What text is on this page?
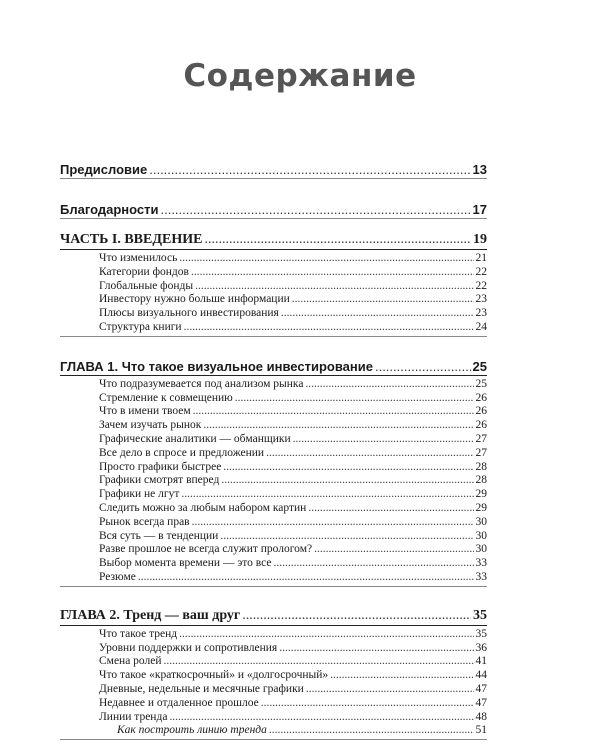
Содержание
Предисловие .....	13
Благодарности .....	17
ЧАСТЬ I. ВВЕДЕНИЕ .....	19
Что изменилось .....	21
Категории фондов .....	22
Глобальные фонды .....	22
Инвестору нужно больше информации .....	23
Плюсы визуального инвестирования .....	23
Структура книги .....	24
ГЛАВА 1. Что такое визуальное инвестирование .....	25
Что подразумевается под анализом рынка .....	25
Стремление к совмещению .....	26
Что в имени твоем .....	26
Зачем изучать рынок .....	26
Графические аналитики — обманщики .....	27
Все дело в спросе и предложении .....	27
Просто графики быстрее .....	28
Графики смотрят вперед .....	28
Графики не лгут .....	29
Следить можно за любым набором картин .....	29
Рынок всегда прав .....	30
Вся суть — в тенденции .....	30
Разве прошлое не всегда служит прологом? .....	30
Выбор момента времени — это все .....	33
Резюме .....	33
ГЛАВА 2. Тренд — ваш друг .....	35
Что такое тренд .....	35
Уровни поддержки и сопротивления .....	36
Смена ролей .....	41
Что такое «краткосрочный» и «долгосрочный» .....	44
Дневные, недельные и месячные графики .....	47
Недавнее и отдаленное прошлое .....	47
Линии тренда .....	48
Как построить линию тренда .....	51
